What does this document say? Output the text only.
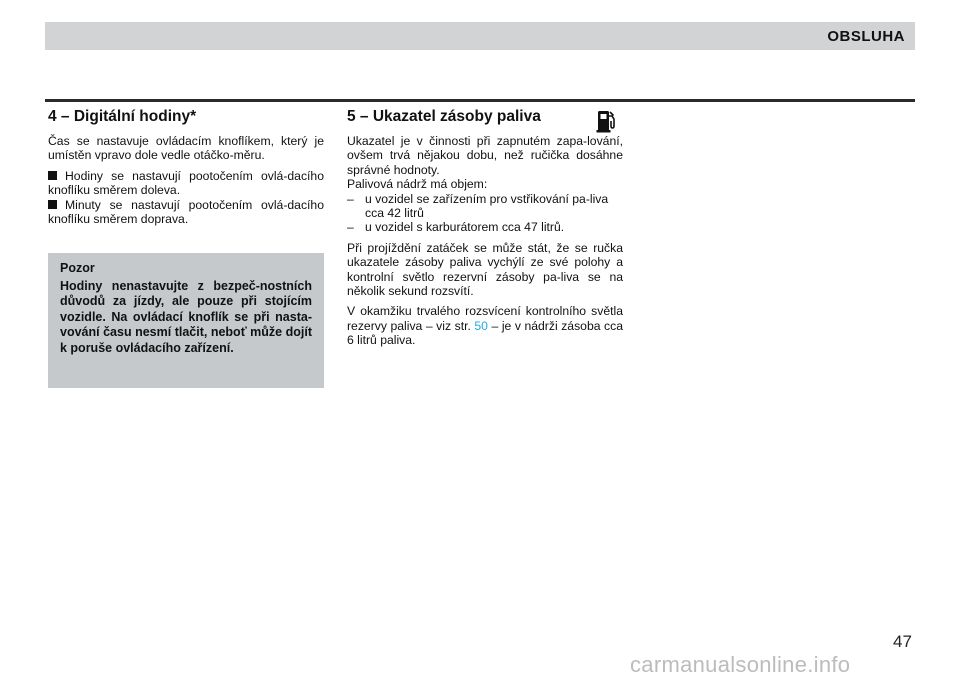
OBSLUHA
4 – Digitální hodiny*

Čas se nastavuje ovládacím knoflíkem, který je umístěn vpravo dole vedle otáčko-měru.

Hodiny se nastavují pootočením ovlá-dacího knoflíku směrem doleva.

Minuty se nastavují pootočením ovlá-dacího knoflíku směrem doprava.

Pozor
Hodiny nenastavujte z bezpeč-nostních důvodů za jízdy, ale pouze při stojícím vozidle. Na ovládací knoflík se při nasta-vování času nesmí tlačit, neboť může dojít k poruše ovládacího zařízení.
5 – Ukazatel zásoby paliva

Ukazatel je v činnosti při zapnutém zapa-lování, ovšem trvá nějakou dobu, než ručička dosáhne správné hodnoty.

Palivová nádrž má objem:

– u vozidel se zařízením pro vstřikování pa-liva cca 42 litrů

– u vozidel s karburátorem cca 47 litrů.

Při projíždění zatáček se může stát, že se ručka ukazatele zásoby paliva vychýlí ze své polohy a kontrolní světlo rezervní zásoby pa-liva se na několik sekund rozsvítí.

V okamžiku trvalého rozsvícení kontrolního světla rezervy paliva – viz str. 50 – je v nádrži zásoba cca 6 litrů paliva.

47
carmanualsonline.info
